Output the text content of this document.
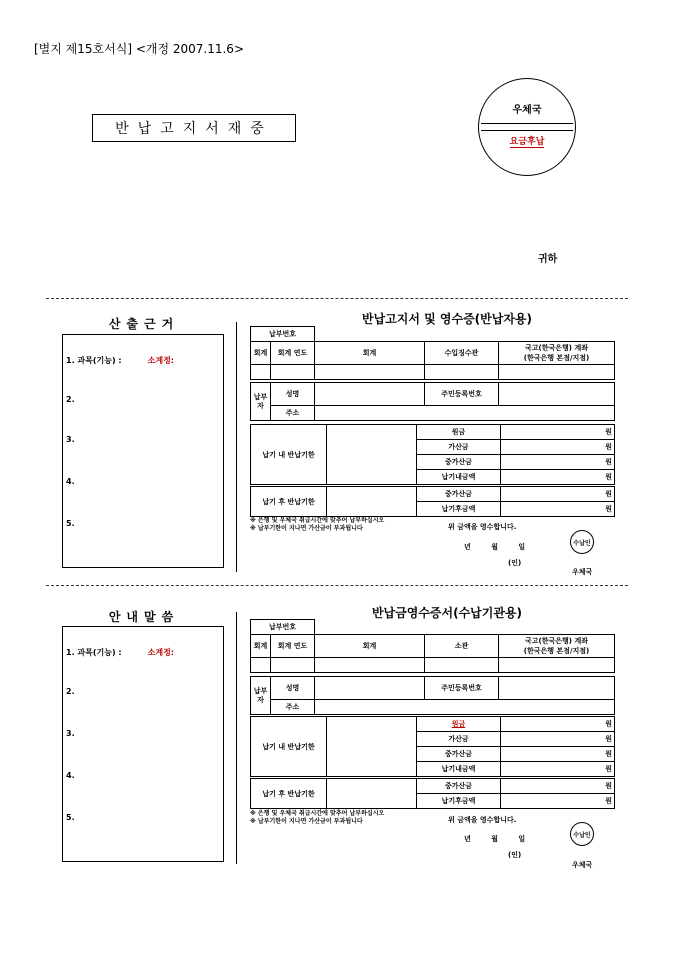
[별지 제15호서식] <개정 2007.11.6>
반납고지서재중
우체국
요금후납
귀하
산출근거
1. 과목(기능) :	소계정:
2.
3.
4.
5.
반납고지서 및 영수증(반납자용)
납부번호				
회계	회계 연도	회계	수입징수관	국고(한국은행) 계좌
(한국은행 본점/지점)

납부자	성명		주민등록번호	
	주소			
납기 내 반납기한		원금	원
		가산금	원
		중가산금	원
		납기내금액	원
납기 후 반납기한		중가산금	원
		납기후금액	원
※ 은행 및 우체국 취급시간에 맞추어 납부하십시오
※ 납부기한이 지나면 가산금이 부과됩니다	위 금액을 영수합니다.
년 월 일
(인)
수납인
우체국
안내말씀
1. 과목(기능) :	소계정:
2.
3.
4.
5.
반납금영수증서(수납기관용)
납부번호				
회계	회계 연도	회계	소관	국고(한국은행) 계좌
(한국은행 본점/지점)

납부자	성명		주민등록번호	
	주소			
납기 내 반납기한		원금	원
		가산금	원
		중가산금	원
		납기내금액	원
납기 후 반납기한		중가산금	원
		납기후금액	원
※ 은행 및 우체국 취급시간에 맞추어 납부하십시오
※ 납부기한이 지나면 가산금이 부과됩니다	위 금액을 영수합니다.
년 월 일
(인)
수납인
우체국
